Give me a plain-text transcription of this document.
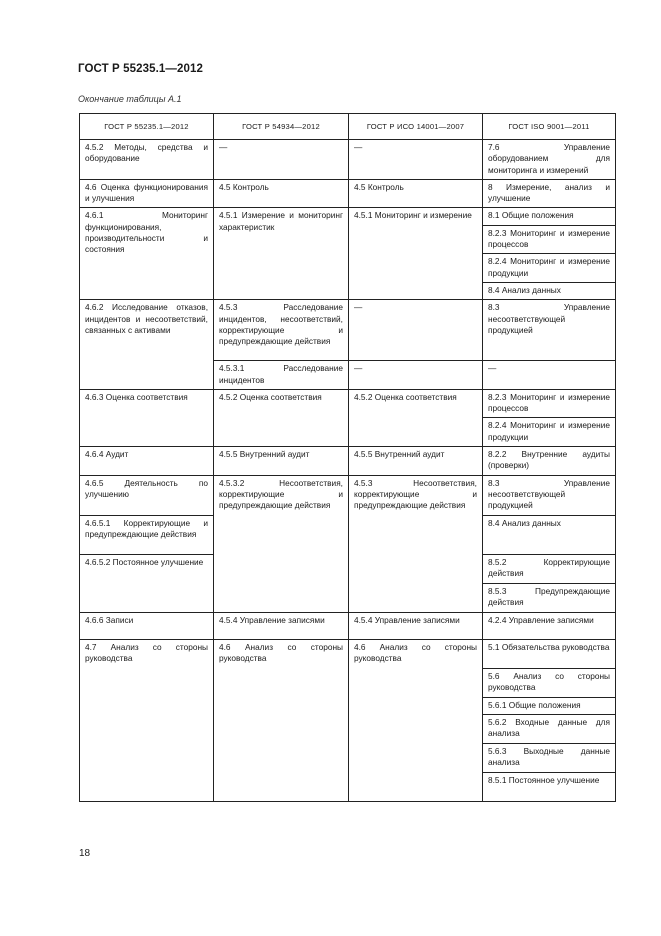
ГОСТ Р 55235.1—2012
Окончание таблицы А.1
ГОСТ Р 55235.1—2012	ГОСТ Р 54934—2012	ГОСТ Р ИСО 14001—2007	ГОСТ ISO 9001—2011
4.5.2 Методы, средства и оборудование	—	—	7.6 Управление оборудованием для мониторинга и измерений
4.6 Оценка функционирования и улучшения	4.5 Контроль	4.5 Контроль	8 Измерение, анализ и улучшение
4.6.1 Мониторинг функционирования, производительности и состояния	4.5.1 Измерение и мониторинг характеристик	4.5.1 Мониторинг и измерение	8.1 Общие положения
			8.2.3 Мониторинг и измерение процессов
			8.2.4 Мониторинг и измерение продукции
			8.4 Анализ данных
4.6.2 Исследование отказов, инцидентов и несоответствий, связанных с активами	4.5.3 Расследование инцидентов, несоответствий, корректирующие и предупреждающие действия	—	8.3 Управление несоответствующей продукцией
	4.5.3.1 Расследование инцидентов	—	—
4.6.3 Оценка соответствия	4.5.2 Оценка соответствия	4.5.2 Оценка соответствия	8.2.3 Мониторинг и измерение процессов
			8.2.4 Мониторинг и измерение продукции
4.6.4 Аудит	4.5.5 Внутренний аудит	4.5.5 Внутренний аудит	8.2.2 Внутренние аудиты (проверки)
4.6.5 Деятельность по улучшению	4.5.3.2 Несоответствия, корректирующие и предупреждающие действия	4.5.3 Несоответствия, корректирующие и предупреждающие действия	8.3 Управление несоответствующей продукцией
4.6.5.1 Корректирующие и предупреждающие действия			8.4 Анализ данных
4.6.5.2 Постоянное улучшение			8.5.2 Корректирующие действия
			8.5.3 Предупреждающие действия
4.6.6 Записи	4.5.4 Управление записями	4.5.4 Управление записями	4.2.4 Управление записями
4.7 Анализ со стороны руководства	4.6 Анализ со стороны руководства	4.6 Анализ со стороны руководства	5.1 Обязательства руководства
			5.6 Анализ со стороны руководства
			5.6.1 Общие положения
			5.6.2 Входные данные для анализа
			5.6.3 Выходные данные анализа
			8.5.1 Постоянное улучшение
18
